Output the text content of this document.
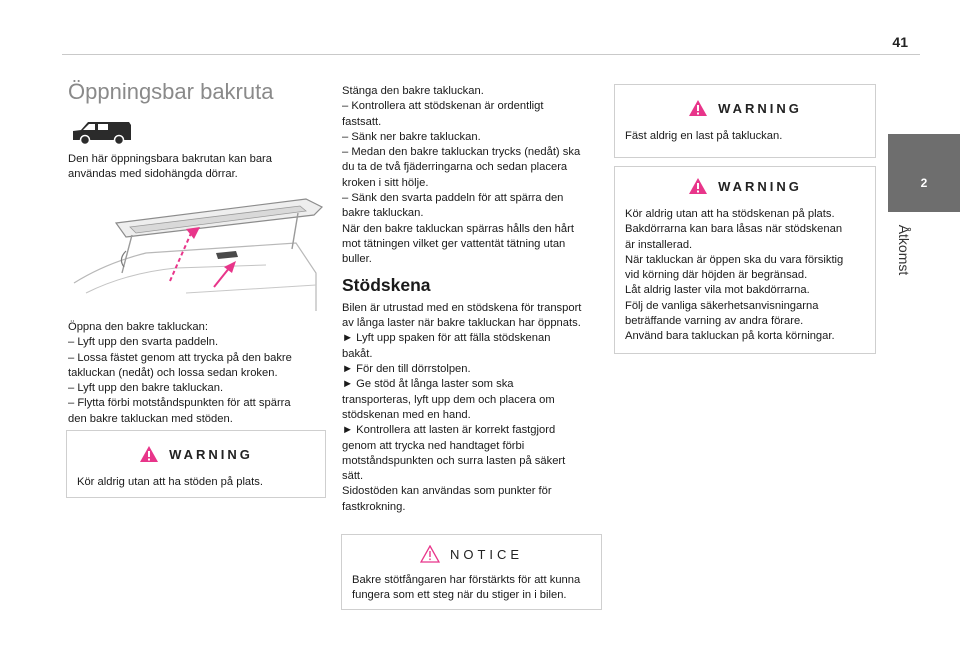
41
2
Åtkomst
Öppningsbar bakruta

Den här öppningsbara bakrutan kan bara

användas med sidohängda dörrar.

Öppna den bakre takluckan:

– Lyft upp den svarta paddeln.

– Lossa fästet genom att trycka på den bakre

takluckan (nedåt) och lossa sedan kroken.

– Lyft upp den bakre takluckan.

– Flytta förbi motståndspunkten för att spärra

den bakre takluckan med stöden.

WARNING

Kör aldrig utan att ha stöden på plats.

Stänga den bakre takluckan.

– Kontrollera att stödskenan är ordentligt

fastsatt.

– Sänk ner bakre takluckan.

– Medan den bakre takluckan trycks (nedåt) ska

du ta de två fjäderringarna och sedan placera

kroken i sitt hölje.

– Sänk den svarta paddeln för att spärra den

bakre takluckan.

När den bakre takluckan spärras hålls den hårt

mot tätningen vilket ger vattentät tätning utan

buller.

Stödskena

Bilen är utrustad med en stödskena för transport

av långa laster när bakre takluckan har öppnats.

► Lyft upp spaken för att fälla stödskenan

bakåt.

► För den till dörrstolpen.

► Ge stöd åt långa laster som ska

transporteras, lyft upp dem och placera om

stödskenan med en hand.

► Kontrollera att lasten är korrekt fastgjord

genom att trycka ned handtaget förbi

motståndspunkten och surra lasten på säkert

sätt.

Sidostöden kan användas som punkter för

fastkrokning.

NOTICE

Bakre stötfångaren har förstärkts för att kunna

fungera som ett steg när du stiger in i bilen.

WARNING

Fäst aldrig en last på takluckan.

WARNING

Kör aldrig utan att ha stödskenan på plats.

Bakdörrarna kan bara låsas när stödskenan

är installerad.

När takluckan är öppen ska du vara försiktig

vid körning där höjden är begränsad.

Låt aldrig laster vila mot bakdörrarna.

Följ de vanliga säkerhetsanvisningarna

beträffande varning av andra förare.

Använd bara takluckan på korta körningar.
